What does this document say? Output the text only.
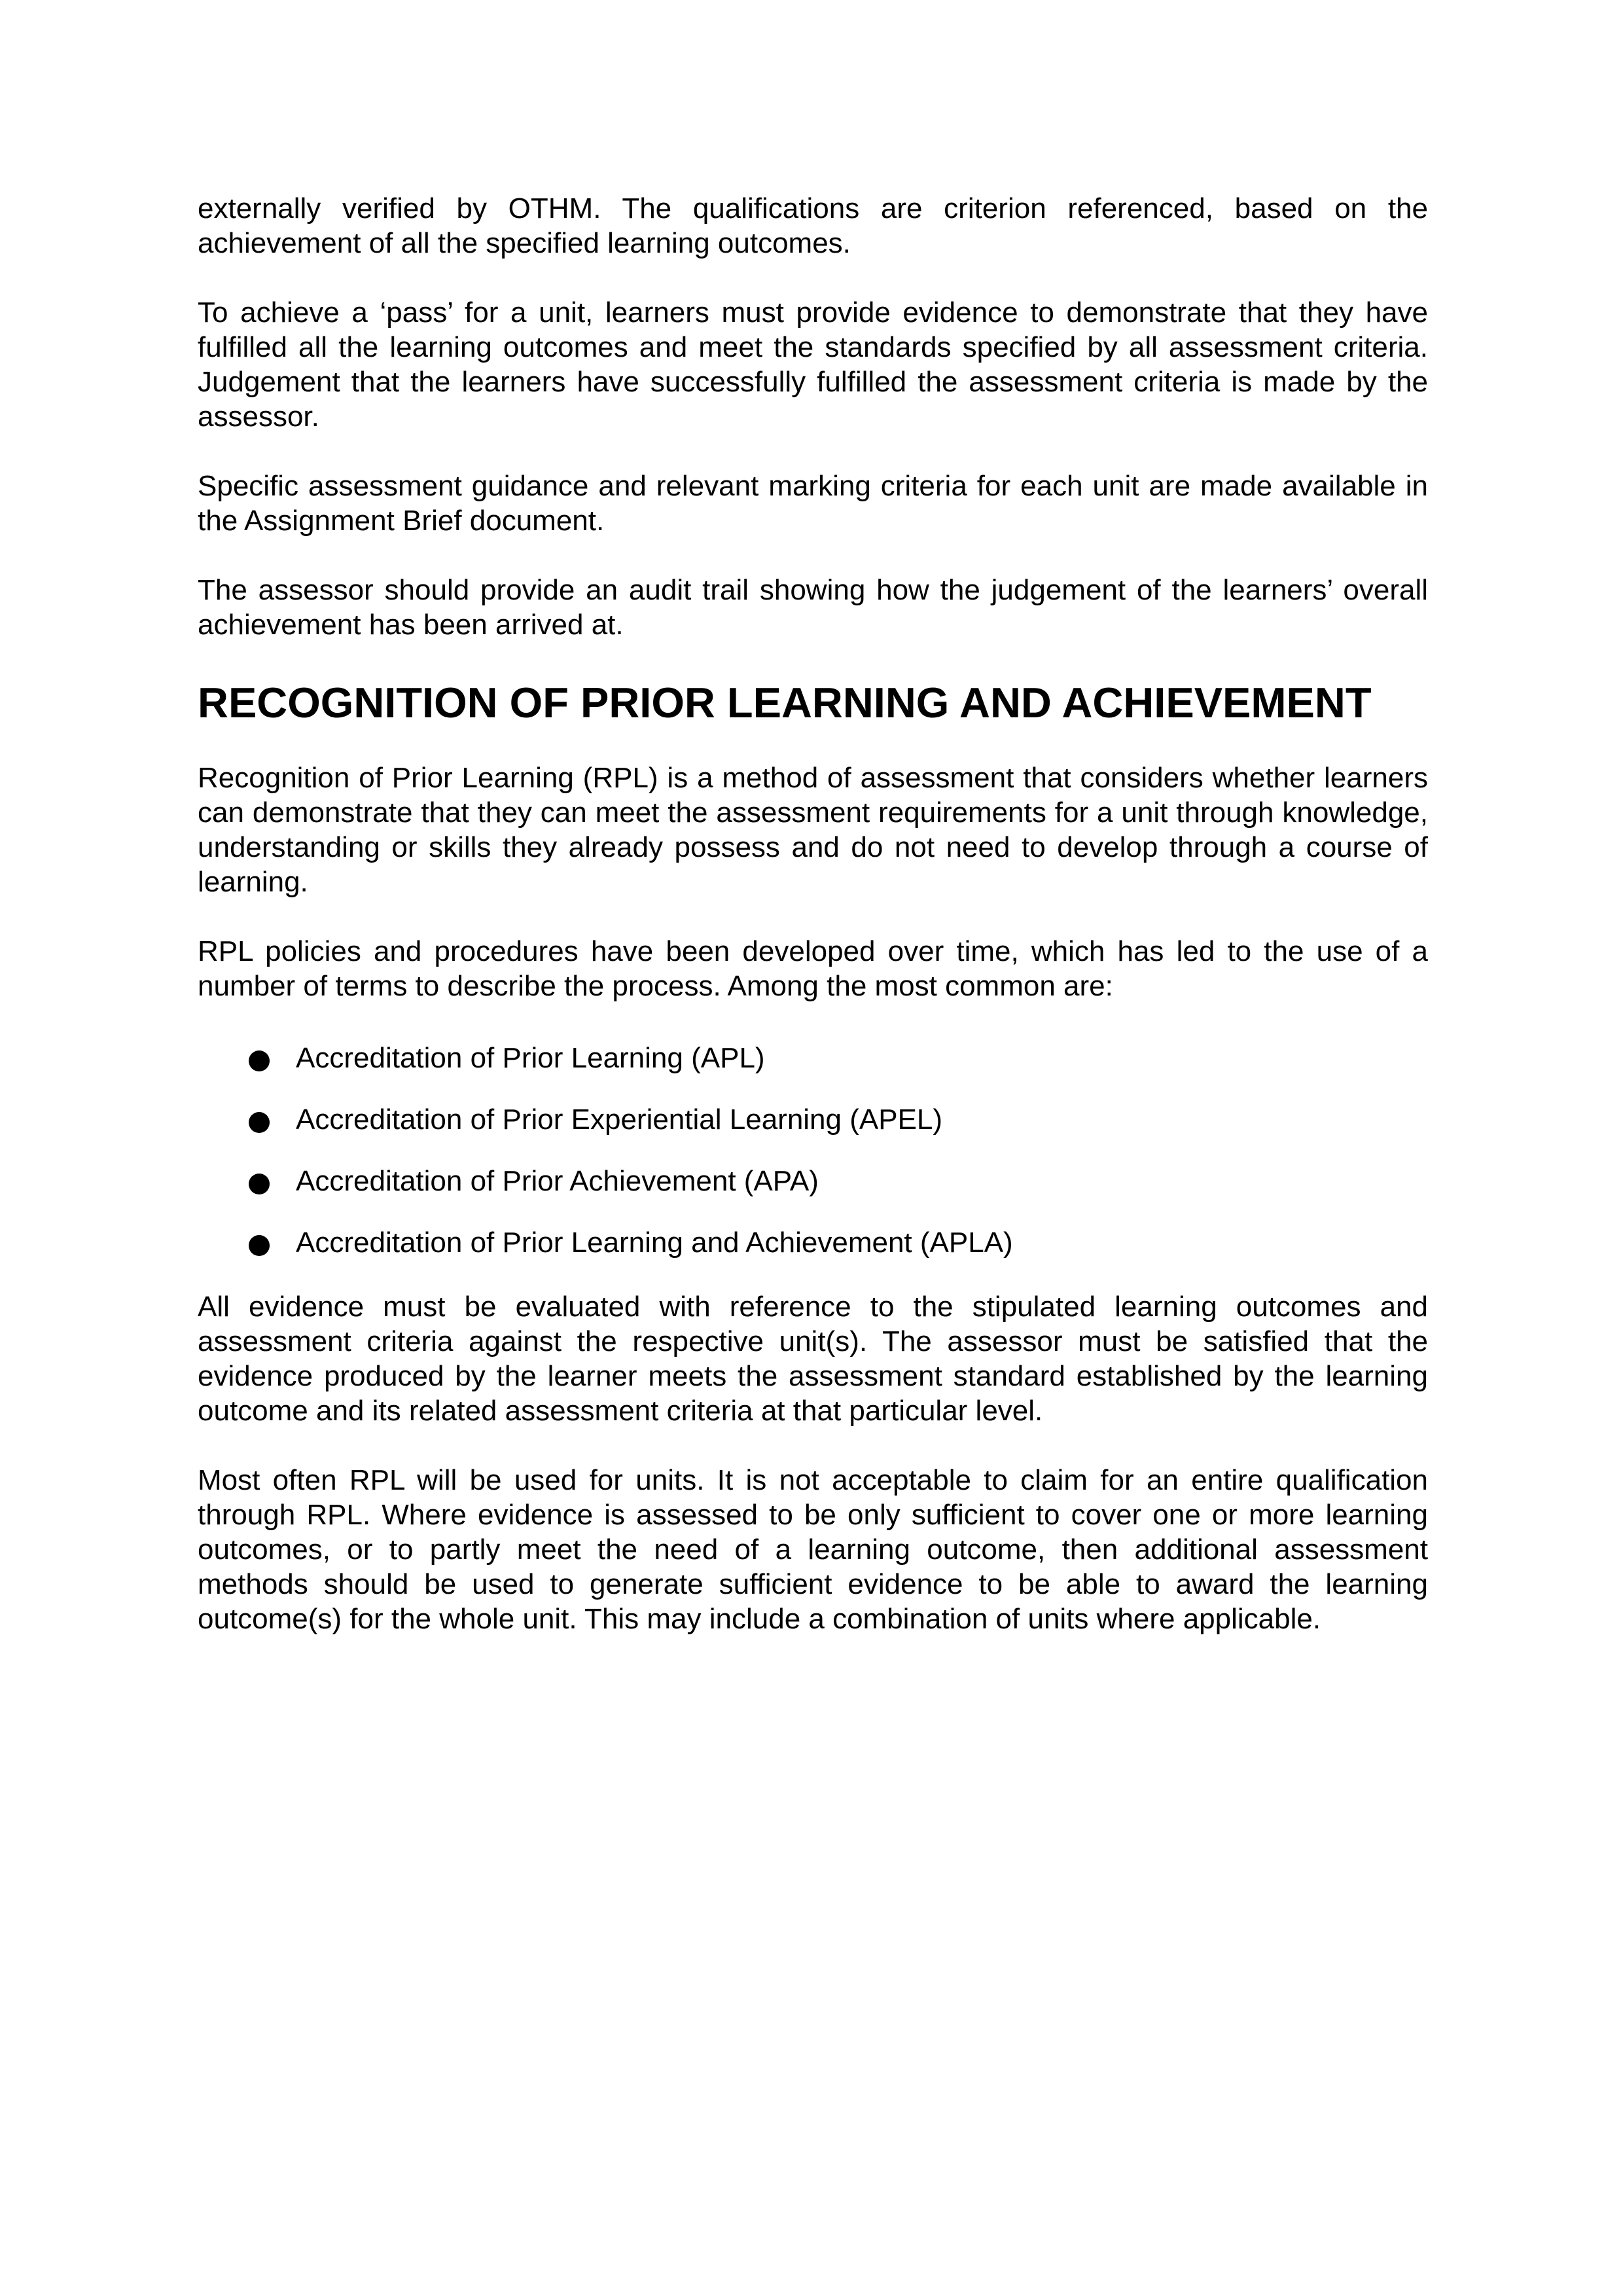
externally verified by OTHM. The qualifications are criterion referenced, based on the achievement of all the specified learning outcomes.

To achieve a ‘pass’ for a unit, learners must provide evidence to demonstrate that they have fulfilled all the learning outcomes and meet the standards specified by all assessment criteria. Judgement that the learners have successfully fulfilled the assessment criteria is made by the assessor.

Specific assessment guidance and relevant marking criteria for each unit are made available in the Assignment Brief document.

The assessor should provide an audit trail showing how the judgement of the learners’ overall achievement has been arrived at.

RECOGNITION OF PRIOR LEARNING AND ACHIEVEMENT

Recognition of Prior Learning (RPL) is a method of assessment that considers whether learners can demonstrate that they can meet the assessment requirements for a unit through knowledge, understanding or skills they already possess and do not need to develop through a course of learning.

RPL policies and procedures have been developed over time, which has led to the use of a number of terms to describe the process. Among the most common are:

Accreditation of Prior Learning (APL)
Accreditation of Prior Experiential Learning (APEL)
Accreditation of Prior Achievement (APA)
Accreditation of Prior Learning and Achievement (APLA)

All evidence must be evaluated with reference to the stipulated learning outcomes and assessment criteria against the respective unit(s). The assessor must be satisfied that the evidence produced by the learner meets the assessment standard established by the learning outcome and its related assessment criteria at that particular level.

Most often RPL will be used for units. It is not acceptable to claim for an entire qualification through RPL. Where evidence is assessed to be only sufficient to cover one or more learning outcomes, or to partly meet the need of a learning outcome, then additional assessment methods should be used to generate sufficient evidence to be able to award the learning outcome(s) for the whole unit. This may include a combination of units where applicable.
